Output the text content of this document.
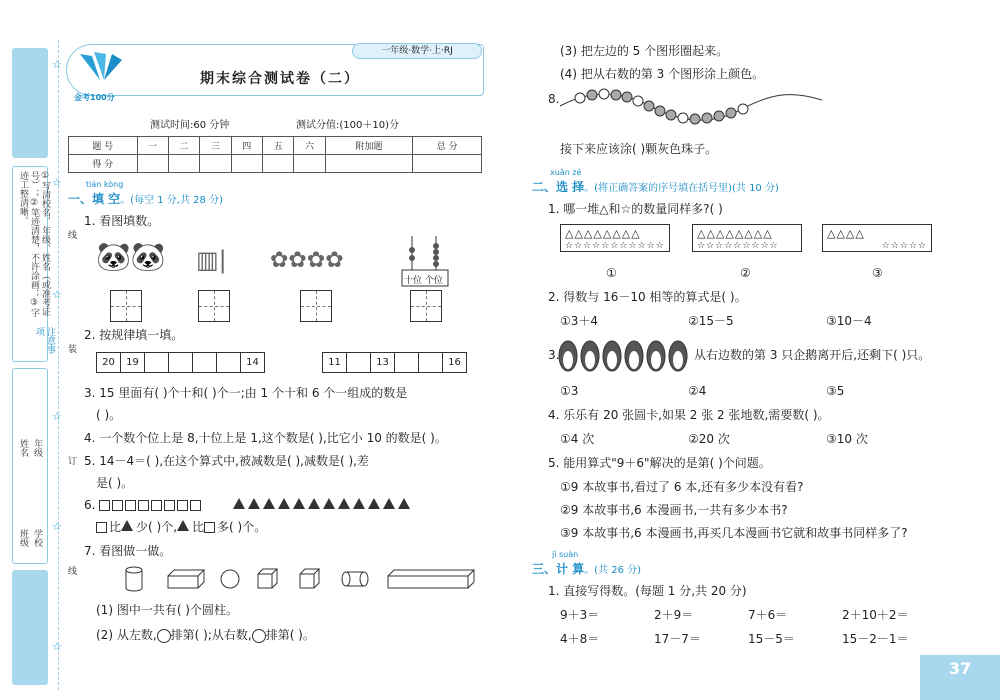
①写清校名、年级、姓名（或准考证号）；②笔迹清楚，不许涂画；③字迹工整清晰。
注意事项
年级
姓名
学校
班级
☆
☆
☆
☆
☆
☆
线
装
订
线
金考100分
期末综合测试卷（二）
一年级·数学·上·RJ
测试时间:60 分钟	测试分值:(100＋10)分
题 号	一	二	三	四	五	六	附加题	总 分
得 分								
tián kòng
一、填 空。(每空 1 分,共 28 分)
1. 看图填数。
🐼🐼 ▥| ✿✿✿✿
十位 个位
2. 按规律填一填。
20	19					14	11		13			16
3. 15 里面有( )个十和( )个一;由 1 个十和 6 个一组成的数是
( )。
4. 一个数个位上是 8,十位上是 1,这个数是( ),比它小 10 的数是( )。
5. 14－4＝( ),在这个算式中,被减数是( ),减数是( ),差
是( )。
6.
比 少( )个, 比 多( )个。
7. 看图做一做。
(1) 图中一共有( )个圆柱。
(2) 从左数, 排第( );从右数, 排第( )。
(3) 把左边的 5 个图形圈起来。
(4) 把从右数的第 3 个图形涂上颜色。
8.
接下来应该涂( )颗灰色珠子。
xuǎn zé
二、选 择。(将正确答案的序号填在括号里)(共 10 分)
1. 哪一堆△和☆的数量同样多?( )
△△△△△△△△
☆☆☆☆☆☆☆☆☆☆☆
△△△△△△△△
☆☆☆☆☆☆☆☆☆
△△△△
☆☆☆☆☆
①	②	③
2. 得数与 16－10 相等的算式是( )。
①3＋4	②15－5	③10－4
3.	从右边数的第 3 只企鹅离开后,还剩下( )只。
①3	②4	③5
4. 乐乐有 20 张圆卡,如果 2 张 2 张地数,需要数( )。
①4 次	②20 次	③10 次
5. 能用算式"9＋6"解决的是第( )个问题。
①9 本故事书,看过了 6 本,还有多少本没有看?
②9 本故事书,6 本漫画书,一共有多少本书?
③9 本故事书,6 本漫画书,再买几本漫画书它就和故事书同样多了?
jì suàn
三、计 算。(共 26 分)
1. 直接写得数。(每题 1 分,共 20 分)
9＋3＝	2＋9＝	7＋6＝	2＋10＋2＝
4＋8＝	17－7＝	15－5＝	15－2－1＝
37
